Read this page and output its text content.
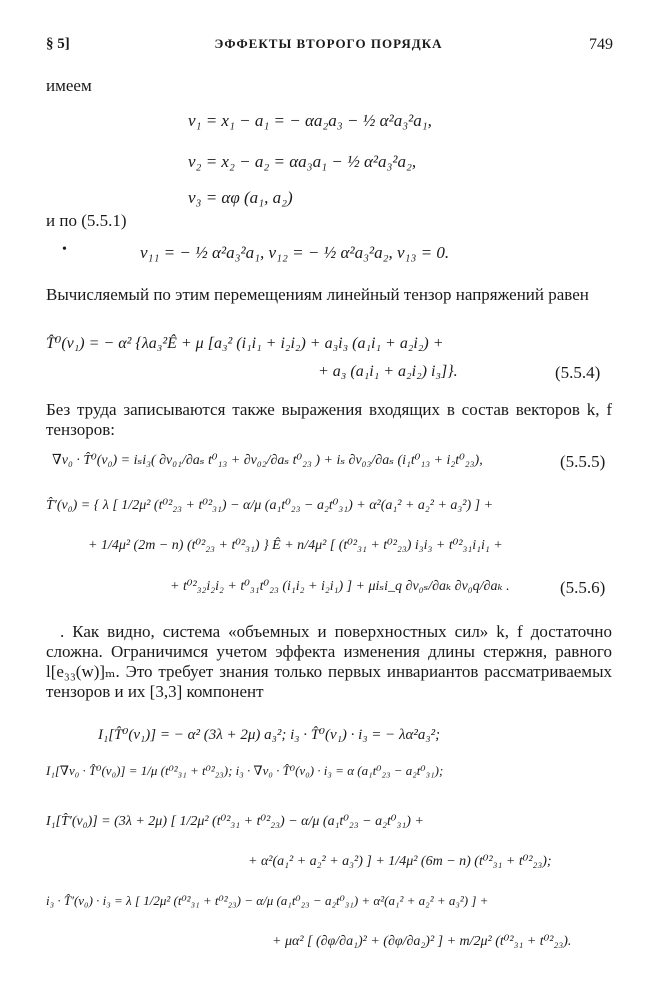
ЭФФЕКТЫ ВТОРОГО ПОРЯДКА
§ 5]	749
имеем
v₁ = x₁ − a₁ = − αa₂a₃ − ½ α²a₃²a₁,
v₂ = x₂ − a₂ = αa₃a₁ − ½ α²a₃²a₂,
v₃ = αφ (a₁, a₂)
и по (5.5.1)
•	v₁₁ = − ½ α²a₃²a₁, v₁₂ = − ½ α²a₃²a₂, v₁₃ = 0.
Вычисляемый по этим перемещениям линейный тензор напряжений равен
T̂⁰(v₁) = − α² {λa₃²Ê + μ [a₃² (i₁i₁ + i₂i₂) + a₃i₃ (a₁i₁ + a₂i₂) +
+ a₃ (a₁i₁ + a₂i₂) i₃]}.	(5.5.4)
Без труда записываются также выражения входящих в состав векторов k, f тензоров:
∇v₀ · T̂⁰(v₀) = iₛi₃( ∂v₀₁/∂aₛ t⁰₁₃ + ∂v₀₂/∂aₛ t⁰₂₃ ) + iₛ ∂v₀₃/∂aₛ (i₁t⁰₁₃ + i₂t⁰₂₃),	(5.5.5)
T̂′(v₀) = { λ [ 1/2μ² (t⁰²₂₃ + t⁰²₃₁) − α/μ (a₁t⁰₂₃ − a₂t⁰₃₁) + α²(a₁² + a₂² + a₃²) ] +
+ 1/4μ² (2m − n) (t⁰²₂₃ + t⁰²₃₁) } Ê + n/4μ² [ (t⁰²₃₁ + t⁰²₂₃) i₃i₃ + t⁰²₃₁i₁i₁ +
+ t⁰²₃₂i₂i₂ + t⁰₃₁t⁰₂₃ (i₁i₂ + i₂i₁) ] + μiₛi_q ∂v₀ₛ/∂aₖ ∂v₀q/∂aₖ .	(5.5.6)
. Как видно, система «объемных и поверхностных сил» k, f достаточно сложна. Ограничимся учетом эффекта изменения длины стержня, равного l[e₃₃(w)]ₘ. Это требует знания только первых инвариантов рассматриваемых тензоров и их [3,3] компонент
I₁[T̂⁰(v₁)] = − α² (3λ + 2μ) a₃²; i₃ · T̂⁰(v₁) · i₃ = − λα²a₃²;
I₁[∇v₀ · T̂⁰(v₀)] = 1/μ (t⁰²₃₁ + t⁰²₂₃); i₃ · ∇v₀ · T̂⁰(v₀) · i₃ = α (a₁t⁰₂₃ − a₂t⁰₃₁);
I₁[T̂′(v₀)] = (3λ + 2μ) [ 1/2μ² (t⁰²₃₁ + t⁰²₂₃) − α/μ (a₁t⁰₂₃ − a₂t⁰₃₁) +
+ α²(a₁² + a₂² + a₃²) ] + 1/4μ² (6m − n) (t⁰²₃₁ + t⁰²₂₃);
i₃ · T̂′(v₀) · i₃ = λ [ 1/2μ² (t⁰²₃₁ + t⁰²₂₃) − α/μ (a₁t⁰₂₃ − a₂t⁰₃₁) + α²(a₁² + a₂² + a₃²) ] +
+ μα² [ (∂φ/∂a₁)² + (∂φ/∂a₂)² ] + m/2μ² (t⁰²₃₁ + t⁰²₂₃).
